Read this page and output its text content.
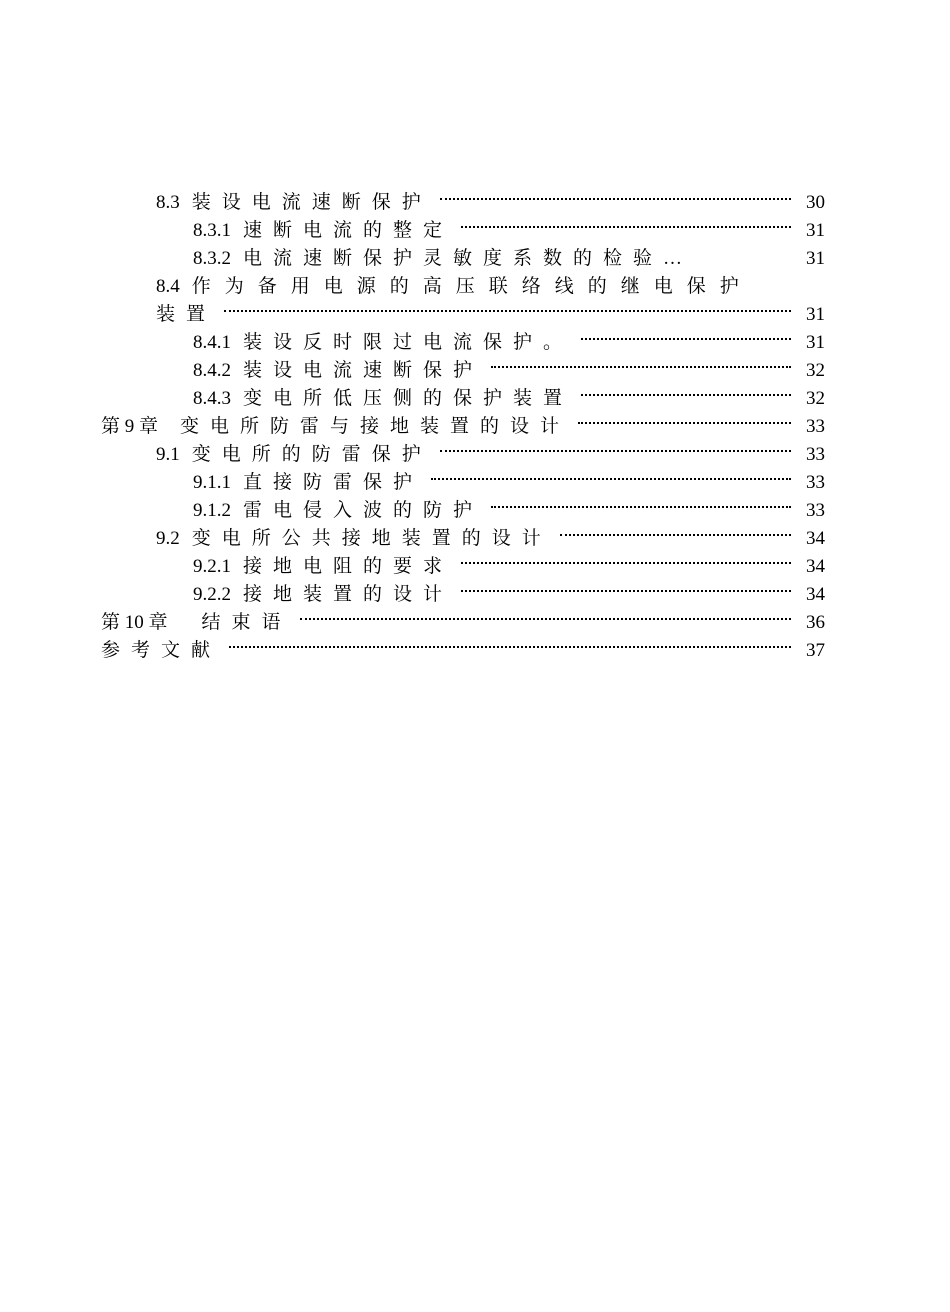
8.3 装设电流速断保护	30
8.3.1 速断电流的整定	31
8.3.2 电流速断保护灵敏度系数的检验…	31
8.4 作为备用电源的高压联络线的继电保护
装置	31
8.4.1 装设反时限过电流保护。	31
8.4.2 装设电流速断保护	32
8.4.3 变电所低压侧的保护装置	32
第 9 章 变电所防雷与接地装置的设计	33
9.1 变电所的防雷保护	33
9.1.1 直接防雷保护	33
9.1.2 雷电侵入波的防护	33
9.2 变电所公共接地装置的设计	34
9.2.1 接地电阻的要求	34
9.2.2 接地装置的设计	34
第 10 章 结束语	36
参考文献	37
